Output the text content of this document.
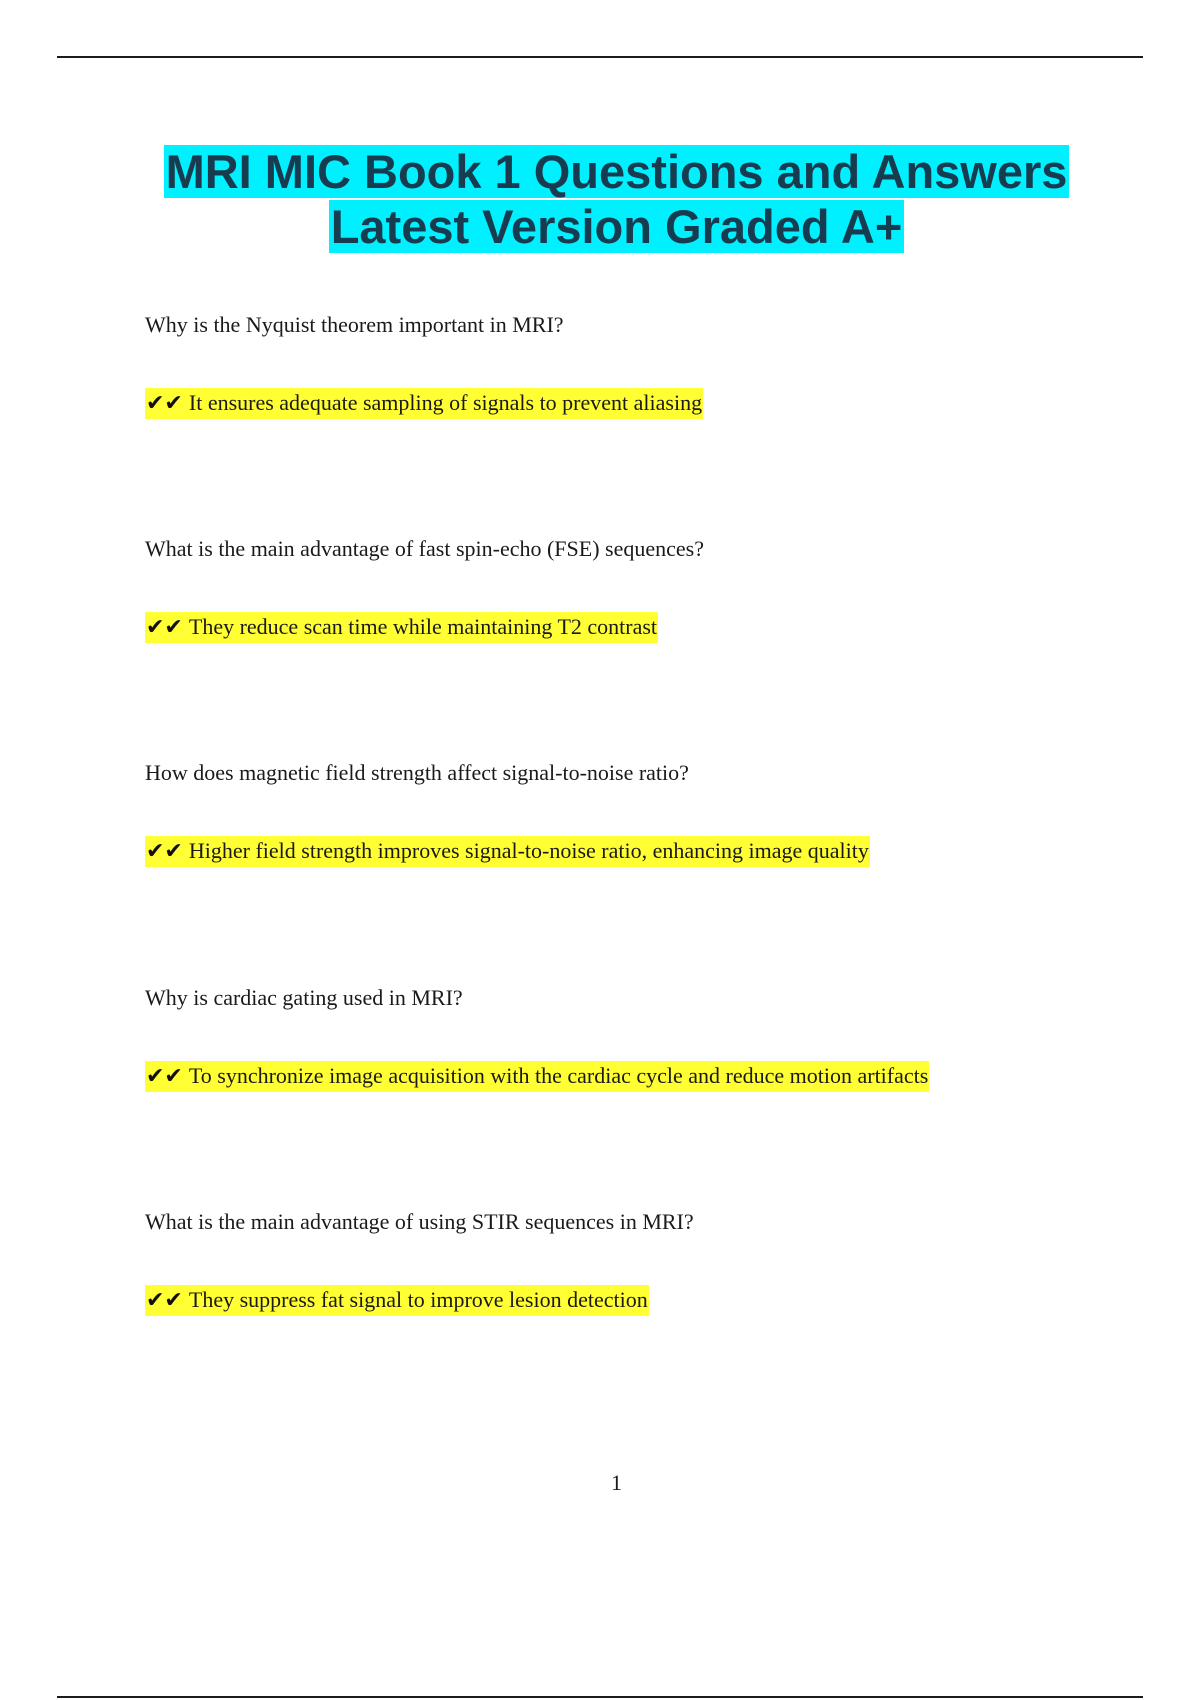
MRI MIC Book 1 Questions and Answers
Latest Version Graded A+

Why is the Nyquist theorem important in MRI?

✔✔ It ensures adequate sampling of signals to prevent aliasing

What is the main advantage of fast spin-echo (FSE) sequences?

✔✔ They reduce scan time while maintaining T2 contrast

How does magnetic field strength affect signal-to-noise ratio?

✔✔ Higher field strength improves signal-to-noise ratio, enhancing image quality

Why is cardiac gating used in MRI?

✔✔ To synchronize image acquisition with the cardiac cycle and reduce motion artifacts

What is the main advantage of using STIR sequences in MRI?

✔✔ They suppress fat signal to improve lesion detection
1
